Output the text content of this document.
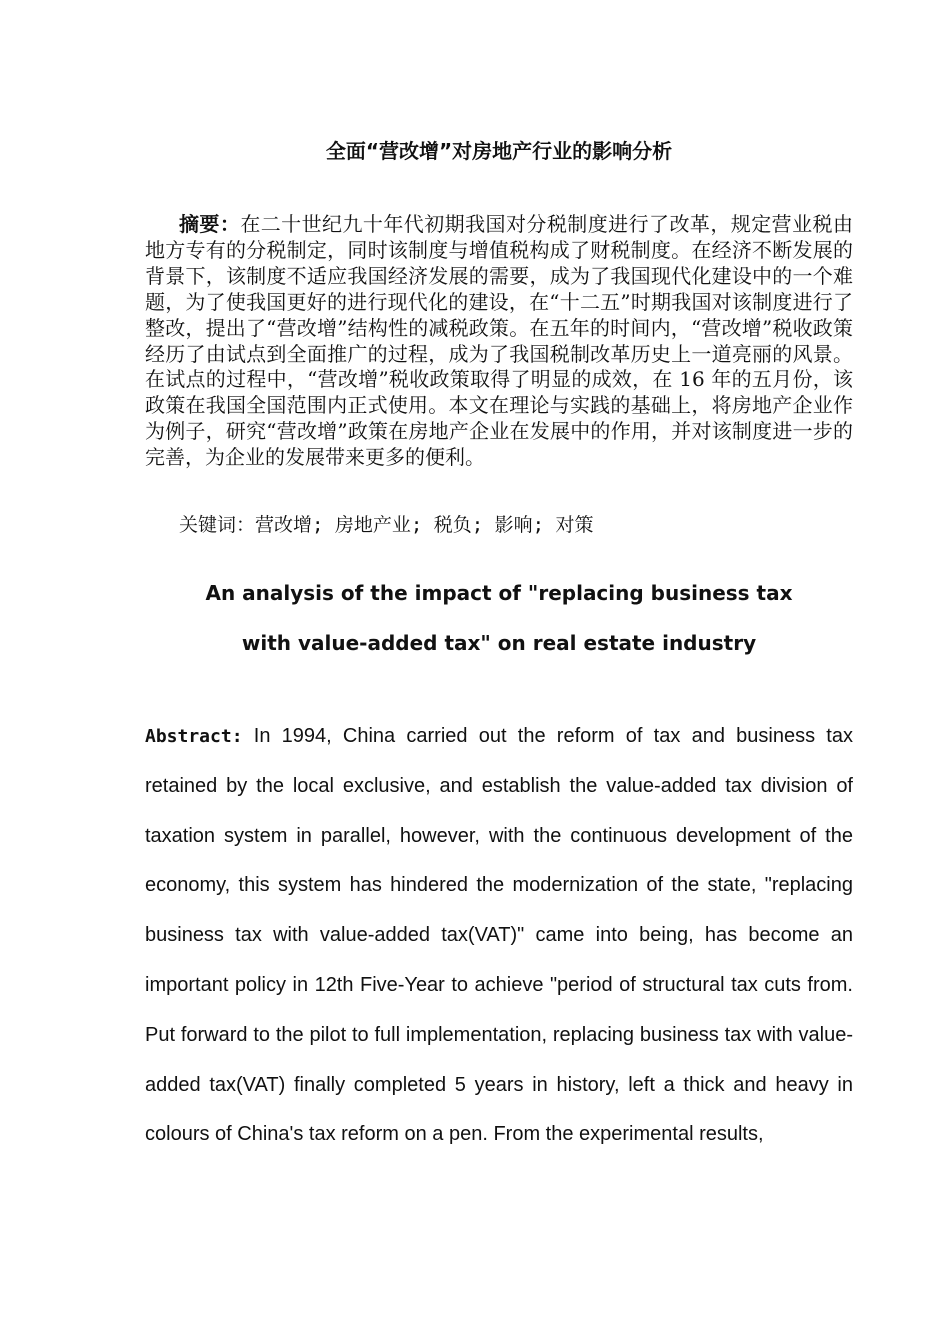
全面“营改增”对房地产行业的影响分析
摘要：在二十世纪九十年代初期我国对分税制度进行了改革，规定营业税由地方专有的分税制定，同时该制度与增值税构成了财税制度。在经济不断发展的背景下，该制度不适应我国经济发展的需要，成为了我国现代化建设中的一个难题，为了使我国更好的进行现代化的建设，在“十二五”时期我国对该制度进行了整改，提出了“营改增”结构性的减税政策。在五年的时间内，“营改增”税收政策经历了由试点到全面推广的过程，成为了我国税制改革历史上一道亮丽的风景。在试点的过程中，“营改增”税收政策取得了明显的成效，在 16 年的五月份，该政策在我国全国范围内正式使用。本文在理论与实践的基础上，将房地产企业作为例子，研究“营改增”政策在房地产企业在发展中的作用，并对该制度进一步的完善，为企业的发展带来更多的便利。
关键词：营改增; 房地产业; 税负; 影响; 对策
An analysis of the impact of "replacing business tax
with value-added tax" on real estate industry
Abstract: In 1994, China carried out the reform of tax and business tax retained by the local exclusive, and establish the value-added tax division of taxation system in parallel, however, with the continuous development of the economy, this system has hindered the modernization of the state, "replacing business tax with value-added tax(VAT)" came into being, has become an important policy in 12th Five-Year to achieve "period of structural tax cuts from. Put forward to the pilot to full implementation, replacing business tax with value-added tax(VAT) finally completed 5 years in history, left a thick and heavy in colours of China's tax reform on a pen. From the experimental results,
